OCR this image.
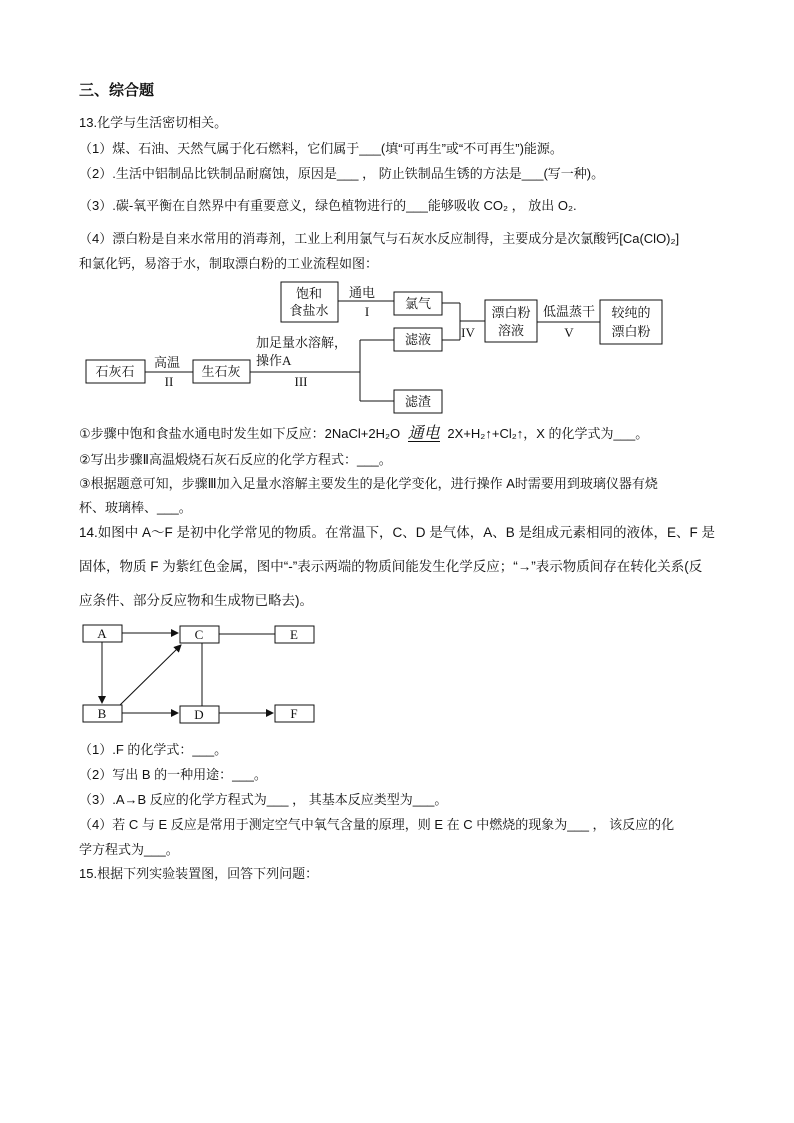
三、综合题
13.化学与生活密切相关。
（1）煤、石油、天然气属于化石燃料，它们属于___(填“可再生”或“不可再生”)能源。
（2）.生活中铝制品比铁制品耐腐蚀，原因是___ ， 防止铁制品生锈的方法是___(写一种)。
（3）.碳-氧平衡在自然界中有重要意义，绿色植物进行的___能够吸收 CO₂ ， 放出 O₂.
（4）漂白粉是自来水常用的消毒剂，工业上利用氯气与石灰水反应制得，主要成分是次氯酸钙[Ca(ClO)₂]
和氯化钙，易溶于水，制取漂白粉的工业流程如图：
饱和
食盐水
通电
I
氯气
滤液 IV
漂白粉
溶液
低温蒸干
V
较纯的
漂白粉
石灰石
高温
II
生石灰
滤渣
III
加足量水溶解，
操作A
①步骤中饱和食盐水通电时发生如下反应：2NaCl+2H₂O 通电 2X+H₂↑+Cl₂↑，X 的化学式为___。
②写出步骤Ⅱ高温煅烧石灰石反应的化学方程式：___。
③根据题意可知，步骤Ⅲ加入足量水溶解主要发生的是化学变化，进行操作 A时需要用到玻璃仪器有烧
杯、玻璃棒、___。
14.如图中 A～F 是初中化学常见的物质。在常温下，C、D 是气体，A、B 是组成元素相同的液体，E、F 是
固体，物质 F 为紫红色金属，图中“-”表示两端的物质间能发生化学反应；“→”表示物质间存在转化关系(反
应条件、部分反应物和生成物已略去)。
A	C	E
B	D	F
（1）.F 的化学式：___。
（2）写出 B 的一种用途：___。
（3）.A→B 反应的化学方程式为___ ， 其基本反应类型为___。
（4）若 C 与 E 反应是常用于测定空气中氧气含量的原理，则 E 在 C 中燃烧的现象为___ ， 该反应的化
学方程式为___。
15.根据下列实验装置图，回答下列问题：
